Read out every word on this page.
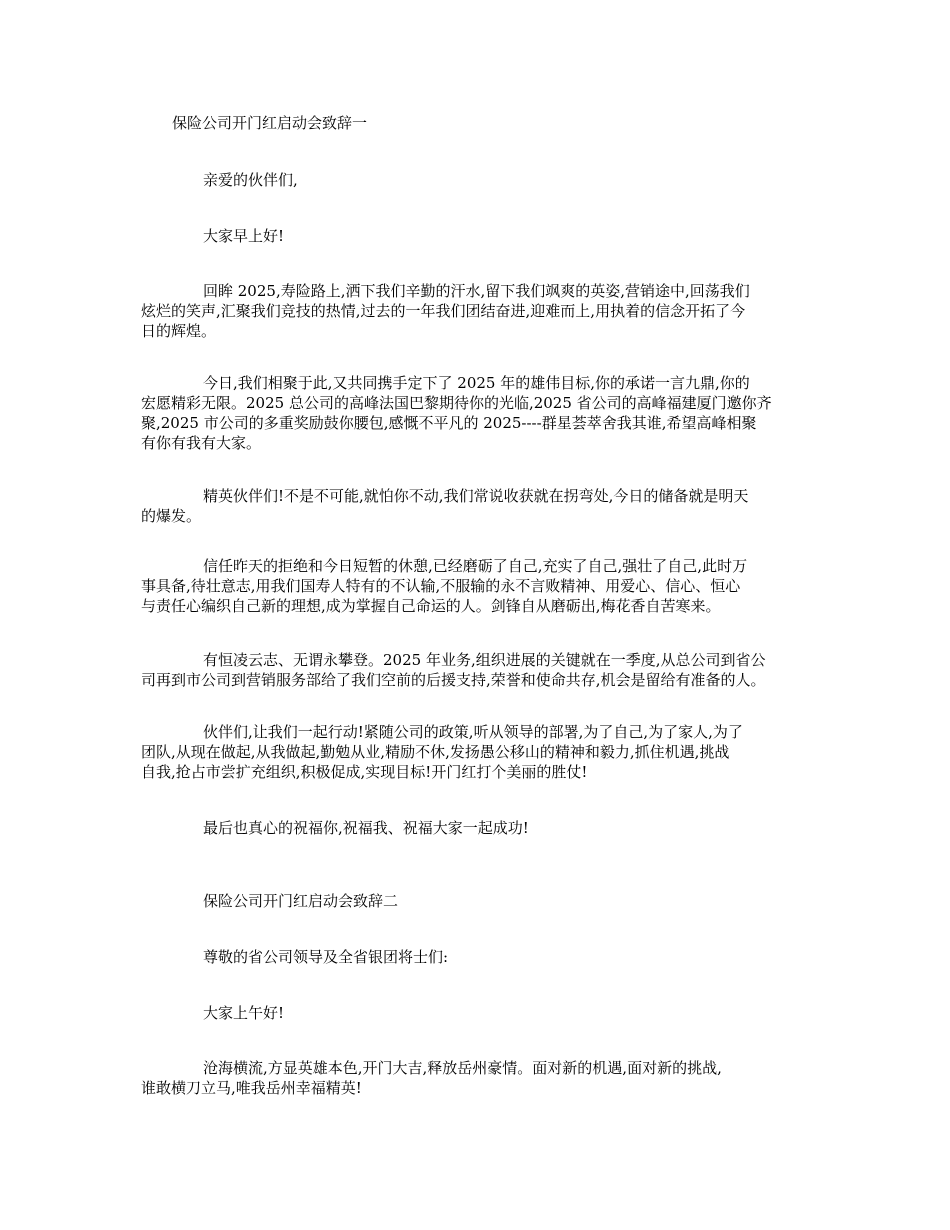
保险公司开门红启动会致辞一
亲爱的伙伴们,
大家早上好!
回眸 2025,寿险路上,洒下我们辛勤的汗水,留下我们飒爽的英姿,营销途中,回荡我们
炫烂的笑声,汇聚我们竞技的热情,过去的一年我们团结奋进,迎难而上,用执着的信念开拓了今
日的辉煌。
今日,我们相聚于此,又共同携手定下了 2025 年的雄伟目标,你的承诺一言九鼎,你的
宏愿精彩无限。2025 总公司的高峰法国巴黎期待你的光临,2025 省公司的高峰福建厦门邀你齐
聚,2025 市公司的多重奖励鼓你腰包,感慨不平凡的 2025----群星荟萃舍我其谁,希望高峰相聚
有你有我有大家。
精英伙伴们!不是不可能,就怕你不动,我们常说收获就在拐弯处,今日的储备就是明天
的爆发。
信任昨天的拒绝和今日短暂的休憩,已经磨砺了自己,充实了自己,强壮了自己,此时万
事具备,待壮意志,用我们国寿人特有的不认输,不服输的永不言败精神、用爱心、信心、恒心
与责任心编织自己新的理想,成为掌握自己命运的人。剑锋自从磨砺出,梅花香自苦寒来。
有恒凌云志、无谓永攀登。2025 年业务,组织进展的关键就在一季度,从总公司到省公
司再到市公司到营销服务部给了我们空前的后援支持,荣誉和使命共存,机会是留给有准备的人。
伙伴们,让我们一起行动!紧随公司的政策,听从领导的部署,为了自己,为了家人,为了
团队,从现在做起,从我做起,勤勉从业,精励不休,发扬愚公移山的精神和毅力,抓住机遇,挑战
自我,抢占市尝扩充组织,积极促成,实现目标!开门红打个美丽的胜仗!
最后也真心的祝福你,祝福我、祝福大家一起成功!
保险公司开门红启动会致辞二
尊敬的省公司领导及全省银团将士们:
大家上午好!
沧海横流,方显英雄本色,开门大吉,释放岳州豪情。面对新的机遇,面对新的挑战,
谁敢横刀立马,唯我岳州幸福精英!
